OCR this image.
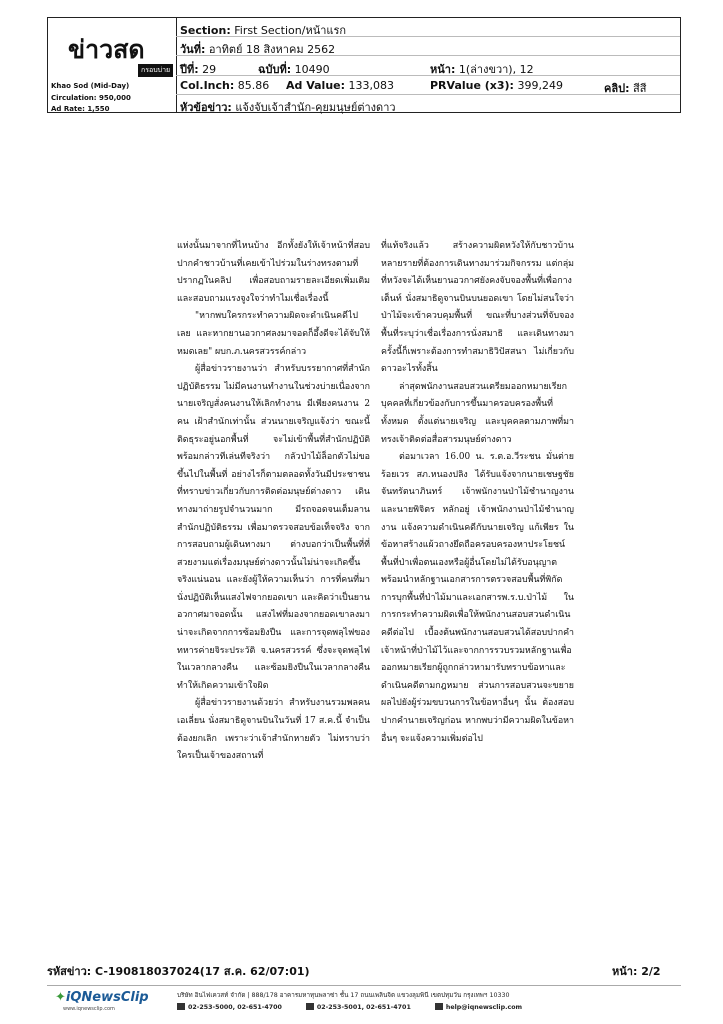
ข่าวสด
กรอบบ่าย
Khao Sod (Mid-Day)
Circulation: 950,000
Ad Rate: 1,550
Section: First Section/หน้าแรก
วันที่: อาทิตย์ 18 สิงหาคม 2562
ปีที่: 29	ฉบับที่: 10490	หน้า: 1(ล่างขวา), 12
Col.Inch: 85.86 Ad Value: 133,083	PRValue (x3): 399,249	คลิป: สีสี
หัวข้อข่าว: แจ้งจับเจ้าสำนัก-คุยมนุษย์ต่างดาว

แห่งนั้นมาจากที่ไหนบ้าง อีกทั้งยังให้เจ้าหน้าที่สอบปากคำชาวบ้านที่เคยเข้าไปร่วมในร่างทรงตามที่ปรากฏในคลิป เพื่อสอบถามรายละเอียดเพิ่มเติมและสอบถามแรงจูงใจว่าทำไมเชื่อเรื่องนี้

"หากพบใครกระทำความผิดจะดำเนินคดีไปเลย และหากยานอวกาศลงมาจอดก็อึ้งดีจะได้จับให้หมดเลย" ผบก.ภ.นครสวรรค์กล่าว

ผู้สื่อข่าวรายงานว่า สำหรับบรรยากาศที่สำนักปฏิบัติธรรม ไม่มีคนงานทำงานในช่วงบ่ายเนื่องจากนายเจริญสั่งคนงานให้เลิกทำงาน มีเพียงคนงาน 2 คน เฝ้าสำนักเท่านั้น ส่วนนายเจริญแจ้งว่า ขณะนี้ติดธุระอยู่นอกพื้นที่ จะไม่เข้าพื้นที่สำนักปฏิบัติ พร้อมกล่าวทีเล่นทีจริงว่า กลัวป่าไม้ล็อกตัวไม่ขอขึ้นไปในพื้นที่ อย่างไรก็ตามตลอดทั้งวันมีประชาชนที่ทราบข่าวเกี่ยวกับการติดต่อมนุษย์ต่างดาว เดินทางมาถ่ายรูปจำนวนมาก มีรถจอดจนเต็มลานสำนักปฏิบัติธรรม เพื่อมาตรวจสอบข้อเท็จจริง จากการสอบถามผู้เดินทางมา ต่างบอกว่าเป็นพื้นที่ที่สวยงามแต่เรื่องมนุษย์ต่างดาวนั้นไม่น่าจะเกิดขึ้นจริงแน่นอน และยังผู้ให้ความเห็นว่า การที่คนที่มานั่งปฏิบัติเห็นแสงไฟจากยอดเขา และคิดว่าเป็นยานอวกาศมาจอดนั้น แสงไฟที่มองจากยอดเขาลงมาน่าจะเกิดจากการซ้อมยิงปืน และการจุดพลุไฟของทหารค่ายจิระประวัติ จ.นครสวรรค์ ซึ่งจะจุดพลุไฟในเวลากลางคืน และซ้อมยิงปืนในเวลากลางคืนทำให้เกิดความเข้าใจผิด

ผู้สื่อข่าวรายงานด้วยว่า สำหรับงานรวมพลคนเอเลี่ยน นั่งสมาธิดูจานบินในวันที่ 17 ส.ค.นี้ จำเป็นต้องยกเลิก เพราะว่าเจ้าสำนักหายตัว ไม่ทราบว่าใครเป็นเจ้าของสถานที่

ที่แท้จริงแล้ว สร้างความผิดหวังให้กับชาวบ้านหลายรายที่ต้องการเดินทางมาร่วมกิจกรรม แต่กลุ่มที่หวังจะได้เห็นยานอวกาศยังคงจับจองพื้นที่เพื่อกางเต็นท์ นั่งสมาธิดูจานบินบนยอดเขา โดยไม่สนใจว่าป่าไม้จะเข้าควบคุมพื้นที่ ขณะที่บางส่วนที่จับจองพื้นที่ระบุว่าเชื่อเรื่องการนั่งสมาธิ และเดินทางมาครั้งนี้ก็เพราะต้องการทำสมาธิวิปัสสนา ไม่เกี่ยวกับดาวอะไรทั้งสิ้น

ล่าสุดพนักงานสอบสวนเตรียมออกหมายเรียกบุคคลที่เกี่ยวข้องกับการขึ้นมาครอบครองพื้นที่ทั้งหมด ตั้งแต่นายเจริญ และบุคคลตามภาพที่มาทรงเจ้าติดต่อสื่อสารมนุษย์ต่างดาว

ต่อมาเวลา 16.00 น. ร.ต.อ.วีระชน มั่นต่าย ร้อยเวร สภ.หนองปลิง ได้รับแจ้งจากนายเชษฐชัย จันทรัตนาภินทร์ เจ้าพนักงานป่าไม้ชำนาญงาน และนายพิจิตร หลักอยู่ เจ้าพนักงานป่าไม้ชำนาญงาน แจ้งความดำเนินคดีกับนายเจริญ แก้เพียร ในข้อหาสร้างแผ้วถางยึดถือครอบครองหาประโยชน์พื้นที่ป่าเพื่อตนเองหรือผู้อื่นโดยไม่ได้รับอนุญาต พร้อมนำหลักฐานเอกสารการตรวจสอบพื้นที่พิกัดการบุกพื้นที่ป่าไม้มาและเอกสารพ.ร.บ.ป่าไม้ ในการกระทำความผิดเพื่อให้พนักงานสอบสวนดำเนินคดีต่อไป เบื้องต้นพนักงานสอบสวนได้สอบปากคำเจ้าหน้าที่ป่าไม้ไว้และจากการรวบรวมหลักฐานเพื่อออกหมายเรียกผู้ถูกกล่าวหามารับทราบข้อหาและดำเนินคดีตามกฎหมาย ส่วนการสอบสวนจะขยายผลไปยังผู้ร่วมขบวนการในข้อหาอื่นๆ นั้น ต้องสอบปากคำนายเจริญก่อน หากพบว่ามีความผิดในข้อหาอื่นๆ จะแจ้งความเพิ่มต่อไป

รหัสข่าว: C-190818037024(17 ส.ค. 62/07:01)	หน้า: 2/2
✦iQNewsClip
www.iqnewsclip.com
บริษัท อินไฟเควสท์ จำกัด | 888/178 อาคารมหาทุนพลาซ่า ชั้น 17 ถนนเพลินจิต แขวงลุมพินี เขตปทุมวัน กรุงเทพฯ 10330
02-253-5000, 02-651-4700	02-253-5001, 02-651-4701	help@iqnewsclip.com
